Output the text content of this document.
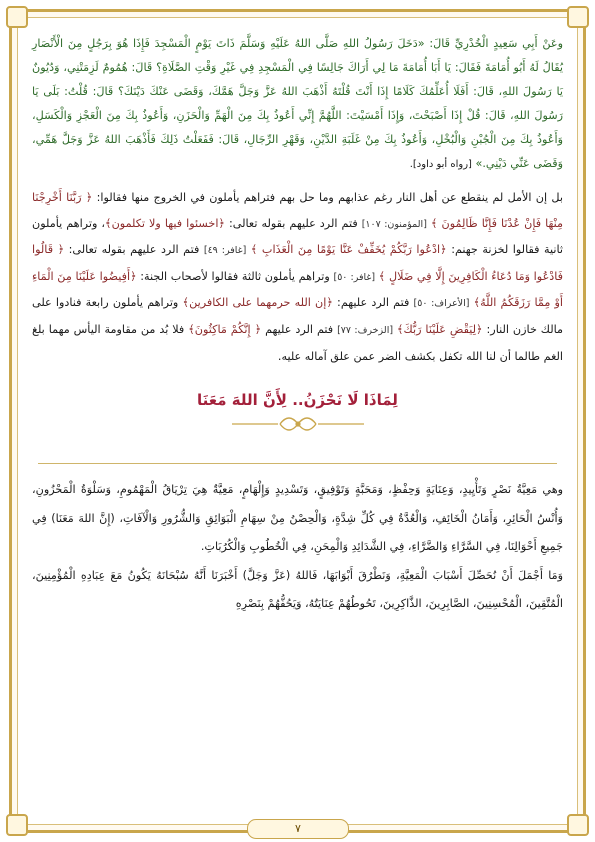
وعَنْ أَبِي سَعِيدٍ الْخُدْرِيِّ قَالَ: «دَخَلَ رَسُولُ اللهِ صَلَّى اللهُ عَلَيْهِ وَسَلَّمَ ذَاتَ يَوْمٍ الْمَسْجِدَ فَإِذَا هُوَ بِرَجُلٍ مِنَ الْأَنْصَارِ يُقَالُ لَهُ أَبُو أُمَامَةَ فَقَالَ: يَا أَبَا أُمَامَةَ مَا لِي أَرَاكَ جَالِسًا فِي الْمَسْجِدِ فِي غَيْرِ وَقْتِ الصَّلَاةِ؟ قَالَ: هُمُومٌ لَزِمَتْنِي، وَدُيُونٌ يَا رَسُولَ اللهِ، قَالَ: أَفَلَا أُعَلِّمُكَ كَلَامًا إِذَا أَنْتَ قُلْتَهُ أَذْهَبَ اللهُ عَزَّ وَجَلَّ هَمَّكَ، وَقَضَى عَنْكَ دَيْنَكَ؟ قَالَ: قُلْتُ: بَلَى يَا رَسُولَ اللهِ، قَالَ: قُلْ إِذَا أَصْبَحْتَ، وَإِذَا أَمْسَيْتَ: اللَّهُمَّ إِنِّي أَعُوذُ بِكَ مِنَ الْهَمِّ وَالْحَزَنِ، وَأَعُوذُ بِكَ مِنَ الْعَجْزِ وَالْكَسَلِ، وَأَعُوذُ بِكَ مِنَ الْجُبْنِ وَالْبُخْلِ، وَأَعُوذُ بِكَ مِنْ غَلَبَةِ الدَّيْنِ، وَقَهْرِ الرِّجَالِ، قَالَ: فَفَعَلْتُ ذَلِكَ فَأَذْهَبَ اللهُ عَزَّ وَجَلَّ هَمِّي، وَقَضَى عَنِّي دَيْنِي.» [رواه أبو داود].

بل إن الأمل لم ينقطع عن أهل النار رغم عذابهم وما حل بهم فتراهم يأملون في الخروج منها فقالوا: ﴿ رَبَّنَا أَخْرِجْنَا مِنْهَا فَإِنْ عُدْنَا فَإِنَّا ظَالِمُونَ ﴾ [المؤمنون: ١٠٧] فتم الرد عليهم بقوله تعالى: ﴿اخسئوا فيها ولا تكلمون﴾، وتراهم يأملون ثانية فقالوا لخزنة جهنم: ﴿ادْعُوا رَبَّكُمْ يُخَفِّفْ عَنَّا يَوْمًا مِنَ الْعَذَابِ ﴾ [غافر: ٤٩] فتم الرد عليهم بقوله تعالى: ﴿ قَالُوا فَادْعُوا وَمَا دُعَاءُ الْكَافِرِينَ إِلَّا فِي ضَلَالٍ ﴾ [غافر: ٥٠] وتراهم يأملون ثالثة فقالوا لأصحاب الجنة: ﴿أَفِيضُوا عَلَيْنَا مِنَ الْمَاءِ أَوْ مِمَّا رَزَقَكُمُ اللَّهُ﴾ [الأعراف: ٥٠] فتم الرد عليهم: ﴿إن الله حرمهما على الكافرين﴾ وتراهم يأملون رابعة فنادوا على مالك خازن النار: ﴿لِيَقْضِ عَلَيْنَا رَبُّكَ﴾ [الزخرف: ٧٧] فتم الرد عليهم ﴿ إِنَّكُمْ مَاكِثُونَ﴾ فلا بُد من مقاومة اليأس مهما بلغ الغم طالما أن لنا الله تكفل بكشف الضر عمن علق آماله عليه.

لِمَاذَا لَا نَحْزَنُ.. لِأَنَّ اللهَ مَعَنَا

وهي مَعِيَّةُ نَصْرٍ وَتَأْيِيدٍ، وَعِنَايَةٍ وَحِفْظٍ، وَمَحَبَّةٍ وَتَوْفِيقٍ، وَتَسْدِيدٍ وَإِلْهَامٍ، مَعِيَّةٌ هِيَ تِرْيَاقُ الْمَهْمُومِ، وَسَلْوَةُ الْمَحْزُونِ، وَأُنْسُ الْحَائِرِ، وَأَمَانُ الْخَائِفِ، وَالْعُدَّةُ فِي كُلِّ شِدَّةٍ، وَالْحِصْنُ مِنْ سِهَامِ الْبَوَائِقِ وَالشُّرُورِ وَالْآفَاتِ، (إِنَّ اللهَ مَعَنَا) فِي جَمِيعِ أَحْوَالِنَا، فِي السَّرَّاءِ وَالضَّرَّاءِ، فِي الشَّدَائِدِ وَالْمِحَنِ، فِي الْخُطُوبِ وَالْكُرُبَاتِ.

وَمَا أَجْمَلَ أَنْ نُحَصِّلَ أَسْبَابَ الْمَعِيَّةِ، وَنَطْرُقَ أَبْوَابَهَا، فَاللهُ (عَزَّ وَجَلَّ) أَخْبَرَنَا أَنَّهُ سُبْحَانَهُ يَكُونُ مَعَ عِبَادِهِ الْمُؤْمِنِينَ، الْمُتَّقِينَ، الْمُحْسِنِينَ، الصَّابِرِينَ، الذَّاكِرِينَ، تَحُوطُهُمْ عِنَايَتُهُ، وَيَحُفُّهُمْ بِنَصْرِهِ

٧
